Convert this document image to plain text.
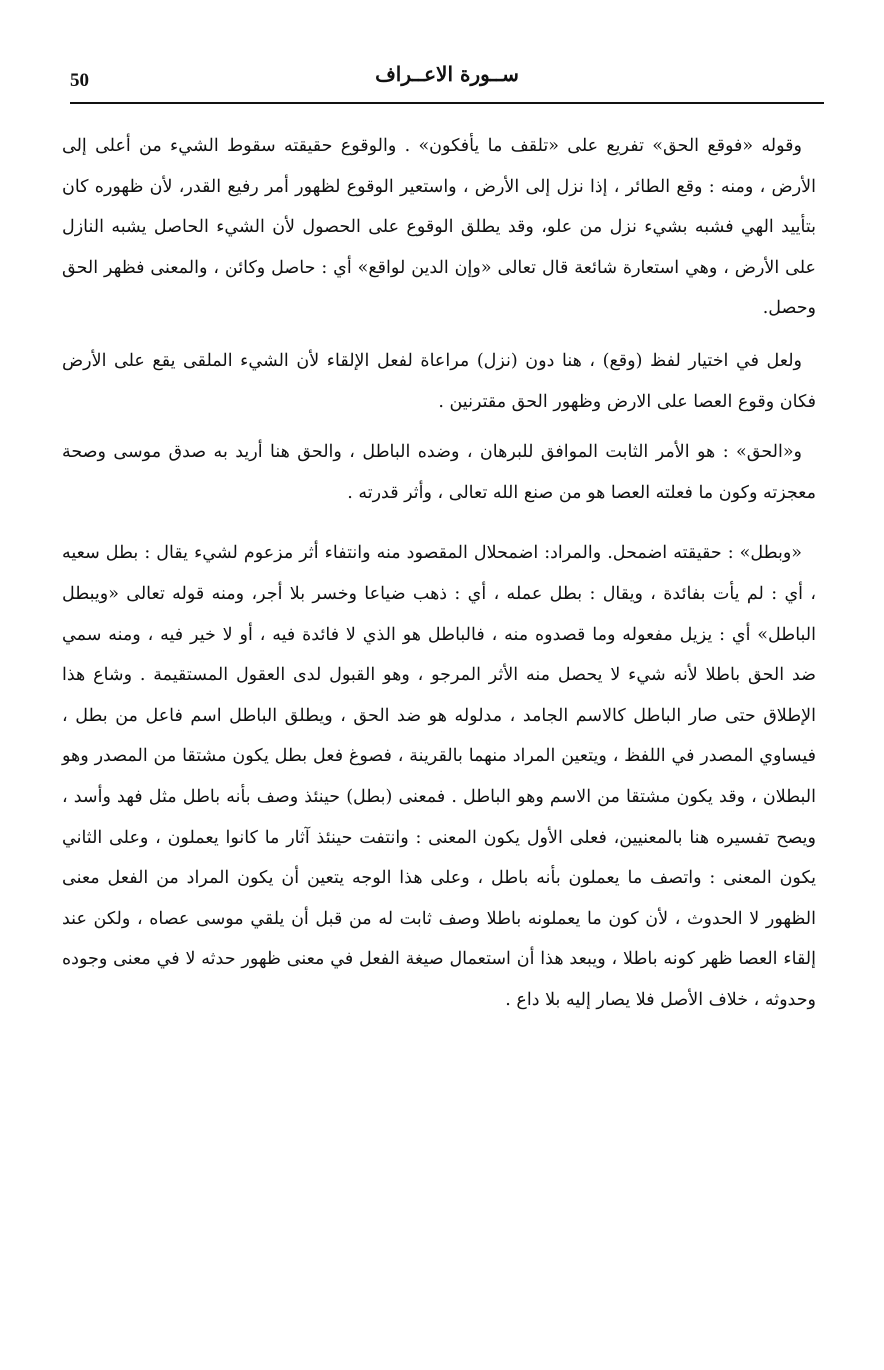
50	ســورة الاعــراف

وقوله «فوقع الحق» تفريع على «تلقف ما يأفكون» . والوقوع حقيقته سقوط الشيء من أعلى إلى الأرض ، ومنه : وقع الطائر ، إذا نزل إلى الأرض ، واستعير الوقوع لظهور أمر رفيع القدر، لأن ظهوره كان بتأييد الهي فشبه بشيء نزل من علو، وقد يطلق الوقوع على الحصول لأن الشيء الحاصل يشبه النازل على الأرض ، وهي استعارة شائعة قال تعالى «وإن الدين لواقع» أي : حاصل وكائن ، والمعنى فظهر الحق وحصل.

ولعل في اختيار لفظ (وقع) ، هنا دون (نزل) مراعاة لفعل الإلقاء لأن الشيء الملقى يقع على الأرض فكان وقوع العصا على الارض وظهور الحق مقترنين .

و«الحق» : هو الأمر الثابت الموافق للبرهان ، وضده الباطل ، والحق هنا أريد به صدق موسى وصحة معجزته وكون ما فعلته العصا هو من صنع الله تعالى ، وأثر قدرته .

«وبطل» : حقيقته اضمحل. والمراد: اضمحلال المقصود منه وانتفاء أثر مزعوم لشيء يقال : بطل سعيه ، أي : لم يأت بفائدة ، ويقال : بطل عمله ، أي : ذهب ضياعا وخسر بلا أجر، ومنه قوله تعالى «ويبطل الباطل» أي : يزيل مفعوله وما قصدوه منه ، فالباطل هو الذي لا فائدة فيه ، أو لا خير فيه ، ومنه سمي ضد الحق باطلا لأنه شيء لا يحصل منه الأثر المرجو ، وهو القبول لدى العقول المستقيمة . وشاع هذا الإطلاق حتى صار الباطل كالاسم الجامد ، مدلوله هو ضد الحق ، ويطلق الباطل اسم فاعل من بطل ، فيساوي المصدر في اللفظ ، ويتعين المراد منهما بالقرينة ، فصوغ فعل بطل يكون مشتقا من المصدر وهو البطلان ، وقد يكون مشتقا من الاسم وهو الباطل . فمعنى (بطل) حينئذ وصف بأنه باطل مثل فهد وأسد ، ويصح تفسيره هنا بالمعنيين، فعلى الأول يكون المعنى : وانتفت حينئذ آثار ما كانوا يعملون ، وعلى الثاني يكون المعنى : واتصف ما يعملون بأنه باطل ، وعلى هذا الوجه يتعين أن يكون المراد من الفعل معنى الظهور لا الحدوث ، لأن كون ما يعملونه باطلا وصف ثابت له من قبل أن يلقي موسى عصاه ، ولكن عند إلقاء العصا ظهر كونه باطلا ، ويبعد هذا أن استعمال صيغة الفعل في معنى ظهور حدثه لا في معنى وجوده وحدوثه ، خلاف الأصل فلا يصار إليه بلا داع .
